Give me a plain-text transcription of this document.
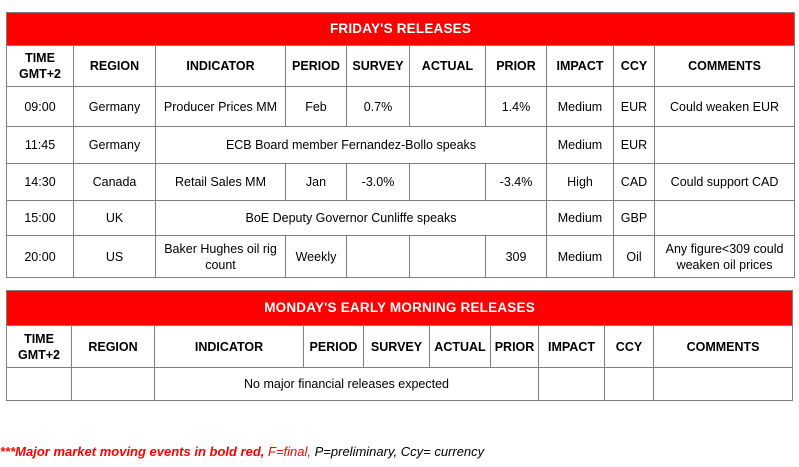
FRIDAY'S RELEASES									
TIME GMT+2	REGION	INDICATOR	PERIOD	SURVEY	ACTUAL	PRIOR	IMPACT	CCY	COMMENTS
09:00	Germany	Producer Prices MM	Feb	0.7%		1.4%	Medium	EUR	Could weaken EUR
11:45	Germany	ECB Board member Fernandez-Bollo speaks					Medium	EUR	
14:30	Canada	Retail Sales MM	Jan	-3.0%		-3.4%	High	CAD	Could support CAD
15:00	UK	BoE Deputy Governor Cunliffe speaks					Medium	GBP	
20:00	US	Baker Hughes oil rig count	Weekly			309	Medium	Oil	Any figure<309 could weaken oil prices
MONDAY'S EARLY MORNING RELEASES									
TIME GMT+2	REGION	INDICATOR	PERIOD	SURVEY	ACTUAL	PRIOR	IMPACT	CCY	COMMENTS
		No major financial releases expected							
***Major market moving events in bold red, F=final, P=preliminary, Ccy= currency
